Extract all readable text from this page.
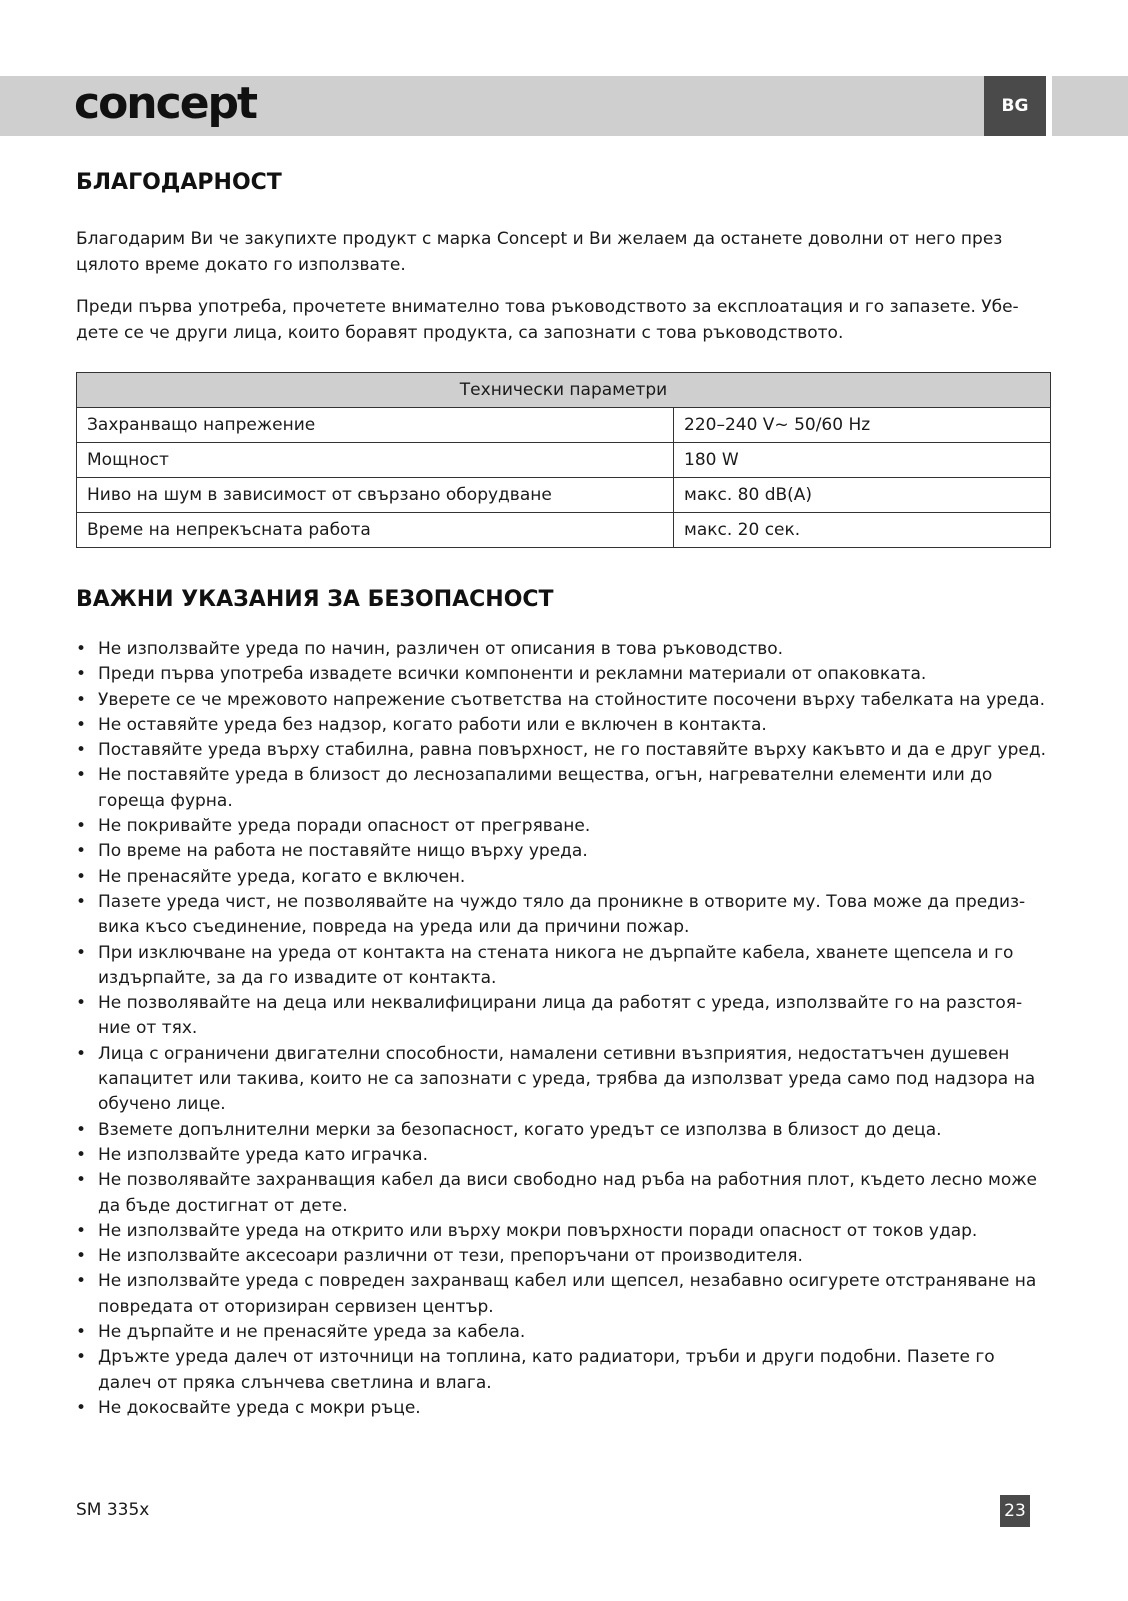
concept	BG
БЛАГОДАРНОСТ

Благодарим Ви че закупихте продукт с марка Concept и Ви желаем да останете доволни от него през цялото време докато го използвате.

Преди първа употреба, прочетете внимателно това ръководството за експлоатация и го запазете. Убе-дете се че други лица, които боравят продукта, са запознати с това ръководството.

Технически параметри	
Захранващо напрежение	220–240 V~ 50/60 Hz
Мощност	180 W
Ниво на шум в зависимост от свързано оборудване	макс. 80 dB(A)
Време на непрекъсната работа	макс. 20 сек.
ВАЖНИ УКАЗАНИЯ ЗА БЕЗОПАСНОСТ
• Не използвайте уреда по начин, различен от описания в това ръководство.
• Преди първа употреба извадете всички компоненти и рекламни материали от опаковката.
• Уверете се че мрежовото напрежение съответства на стойностите посочени върху табелката на уреда.
• Не оставяйте уреда без надзор, когато работи или е включен в контакта.
• Поставяйте уреда върху стабилна, равна повърхност, не го поставяйте върху какъвто и да е друг уред.
• Не поставяйте уреда в близост до леснозапалими вещества, огън, нагревателни елементи или до гореща фурна.
• Не покривайте уреда поради опасност от прегряване.
• По време на работа не поставяйте нищо върху уреда.
• Не пренасяйте уреда, когато е включен.
• Пазете уреда чист, не позволявайте на чуждо тяло да проникне в отворите му. Това може да предиз-вика късо съединение, повреда на уреда или да причини пожар.
• При изключване на уреда от контакта на стената никога не дърпайте кабела, хванете щепсела и го издърпайте, за да го извадите от контакта.
• Не позволявайте на деца или неквалифицирани лица да работят с уреда, използвайте го на разстоя-ние от тях.
• Лица с ограничени двигателни способности, намалени сетивни възприятия, недостатъчен душевен капацитет или такива, които не са запознати с уреда, трябва да използват уреда само под надзора на обучено лице.
• Вземете допълнителни мерки за безопасност, когато уредът се използва в близост до деца.
• Не използвайте уреда като играчка.
• Не позволявайте захранващия кабел да виси свободно над ръба на работния плот, където лесно може да бъде достигнат от дете.
• Не използвайте уреда на открито или върху мокри повърхности поради опасност от токов удар.
• Не използвайте аксесоари различни от тези, препоръчани от производителя.
• Не използвайте уреда с повреден захранващ кабел или щепсел, незабавно осигурете отстраняване на повредата от оторизиран сервизен център.
• Не дърпайте и не пренасяйте уреда за кабела.
• Дръжте уреда далеч от източници на топлина, като радиатори, тръби и други подобни. Пазете го далеч от пряка слънчева светлина и влага.
• Не докосвайте уреда с мокри ръце.
SM 335x	23
